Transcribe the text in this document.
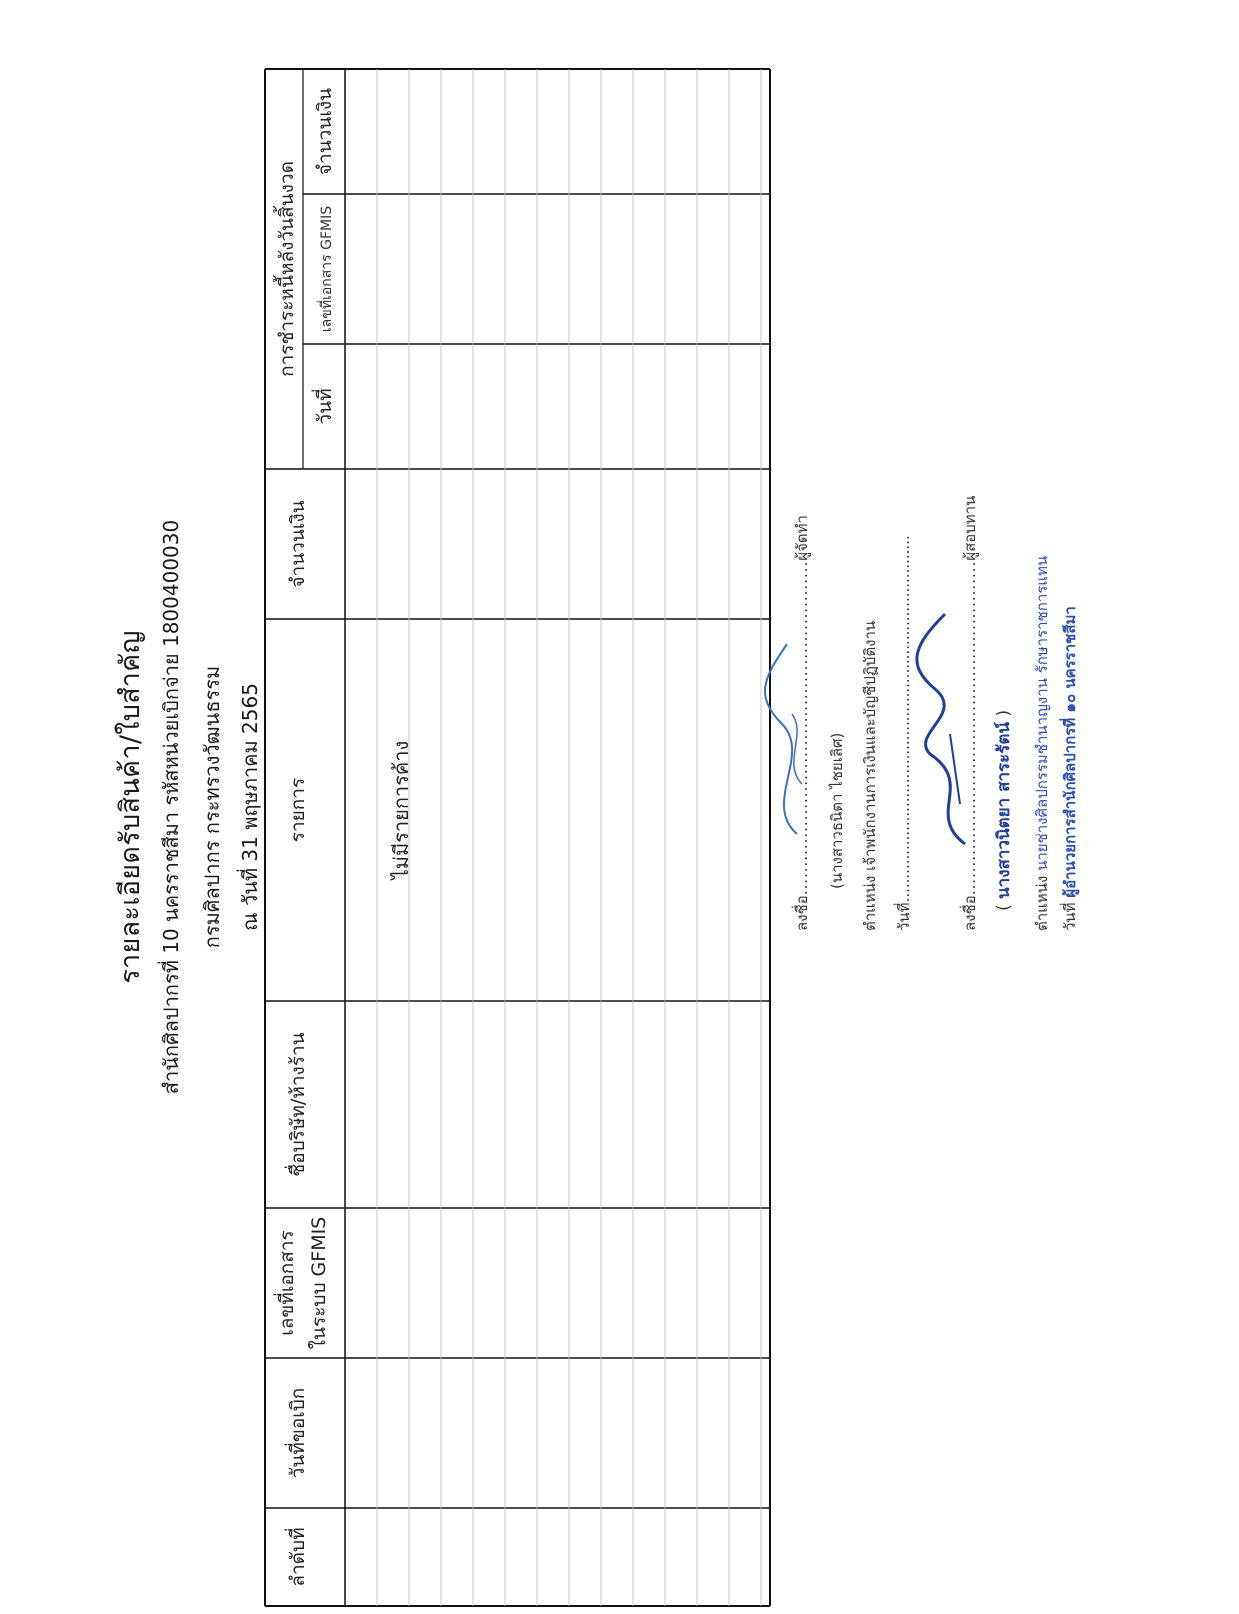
รายละเอียดรับสินค้า/ใบสำคัญ สำนักศิลปากรที่ 10 นครราชสีมา รหัสหน่วยเบิกจ่าย 1800400030 กรมศิลปากร กระทรวงวัฒนธรรม ณ วันที่ 31 พฤษภาคม 2565
ลำดับที่
วันที่ขอเบิก
เลขที่เอกสาร ในระบบ GFMIS
ชื่อบริษัท/ห้างร้าน
รายการ
จำนวนเงิน
การชำระหนี้หลังวันสิ้นงวด
วันที่
เลขที่เอกสาร GFMIS
จำนวนเงิน
ไม่มีรายการค้าง
ลงชื่อ..........................................................ผู้จัดทำ
(นางสาวธนิตา ไชยเลิศ) ตำแหน่ง เจ้าพนักงานการเงินและบัญชีปฏิบัติงาน วันที่.............................................................................
ลงชื่อ..........................................................ผู้สอบทาน
( นางสาวนิตยา สาระรัตน์ )
ตำแหน่ง นายช่างศิลปกรรมชำนาญงาน รักษาราชการแทน
วันที่ ผู้อำนวยการสำนักศิลปากรที่ ๑๐ นครราชสีมา
